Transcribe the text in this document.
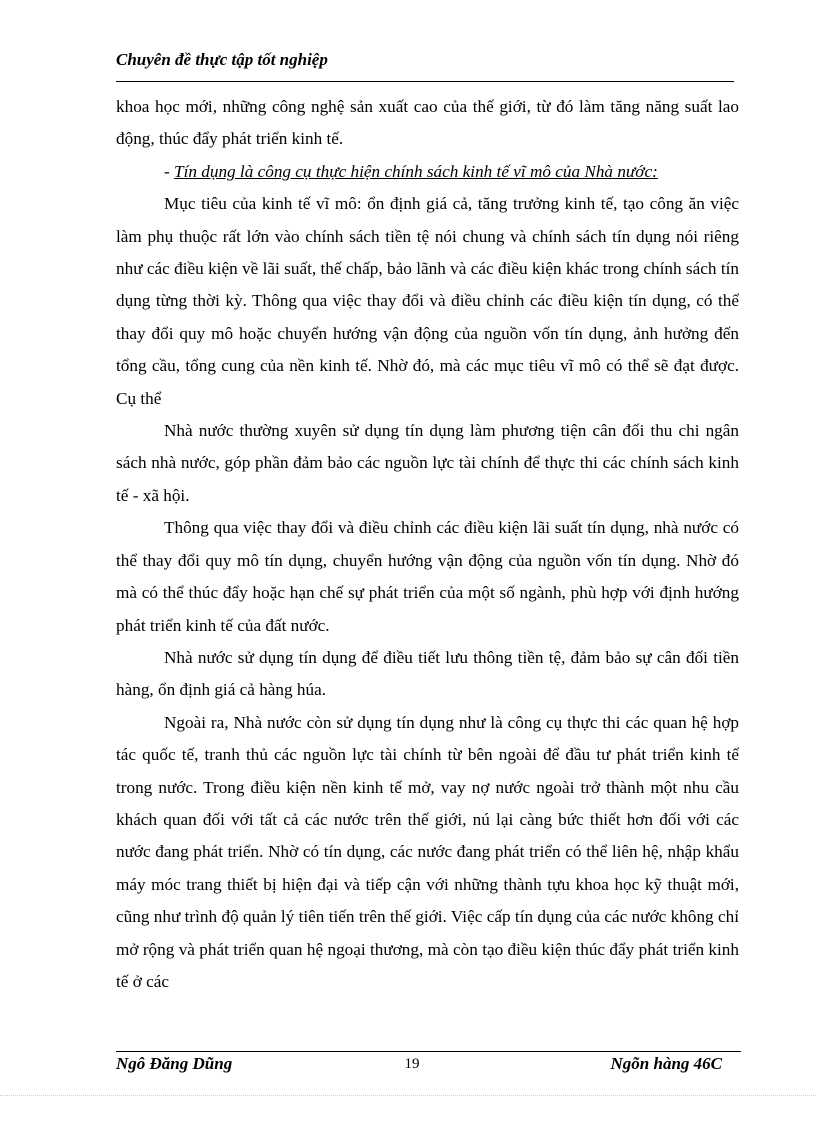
Chuyên đề thực tập tốt nghiệp

khoa học mới, những công nghệ sản xuất cao của thế giới, từ đó làm tăng năng suất lao động, thúc đẩy phát triển kinh tế.

- Tín dụng là công cụ thực hiện chính sách kinh tế vĩ mô của Nhà nước:

Mục tiêu của kinh tế vĩ mô: ổn định giá cả, tăng trưởng kinh tế, tạo công ăn việc làm phụ thuộc rất lớn vào chính sách tiền tệ nói chung và chính sách tín dụng nói riêng như các điều kiện về lãi suất, thế chấp, bảo lãnh và các điều kiện khác trong chính sách tín dụng từng thời kỳ. Thông qua việc thay đổi và điều chỉnh các điều kiện tín dụng, có thể thay đổi quy mô hoặc chuyển hướng vận động của nguồn vốn tín dụng, ảnh hưởng đến tổng cầu, tổng cung của nền kinh tế. Nhờ đó, mà các mục tiêu vĩ mô có thể sẽ đạt được. Cụ thể

Nhà nước thường xuyên sử dụng tín dụng làm phương tiện cân đối thu chi ngân sách nhà nước, góp phần đảm bảo các nguồn lực tài chính để thực thi các chính sách kinh tế - xã hội.

Thông qua việc thay đổi và điều chỉnh các điều kiện lãi suất tín dụng, nhà nước có thể thay đổi quy mô tín dụng, chuyển hướng vận động của nguồn vốn tín dụng. Nhờ đó mà có thể thúc đẩy hoặc hạn chế sự phát triển của một số ngành, phù hợp với định hướng phát triển kinh tế của đất nước.

Nhà nước sử dụng tín dụng để điều tiết lưu thông tiền tệ, đảm bảo sự cân đối tiền hàng, ổn định giá cả hàng húa.

Ngoài ra, Nhà nước còn sử dụng tín dụng như là công cụ thực thi các quan hệ hợp tác quốc tế, tranh thủ các nguồn lực tài chính từ bên ngoài để đầu tư phát triển kinh tế trong nước. Trong điều kiện nền kinh tế mở, vay nợ nước ngoài trở thành một nhu cầu khách quan đối với tất cả các nước trên thế giới, nú lại càng bức thiết hơn đối với các nước đang phát triển. Nhờ có tín dụng, các nước đang phát triển có thể liên hệ, nhập khẩu máy móc trang thiết bị hiện đại và tiếp cận với những thành tựu khoa học kỹ thuật mới, cũng như trình độ quản lý tiên tiến trên thế giới. Việc cấp tín dụng của các nước không chỉ mở rộng và phát triển quan hệ ngoại thương, mà còn tạo điều kiện thúc đẩy phát triển kinh tế ở các

Ngô Đăng Dũng	19	Ngõn hàng 46C
